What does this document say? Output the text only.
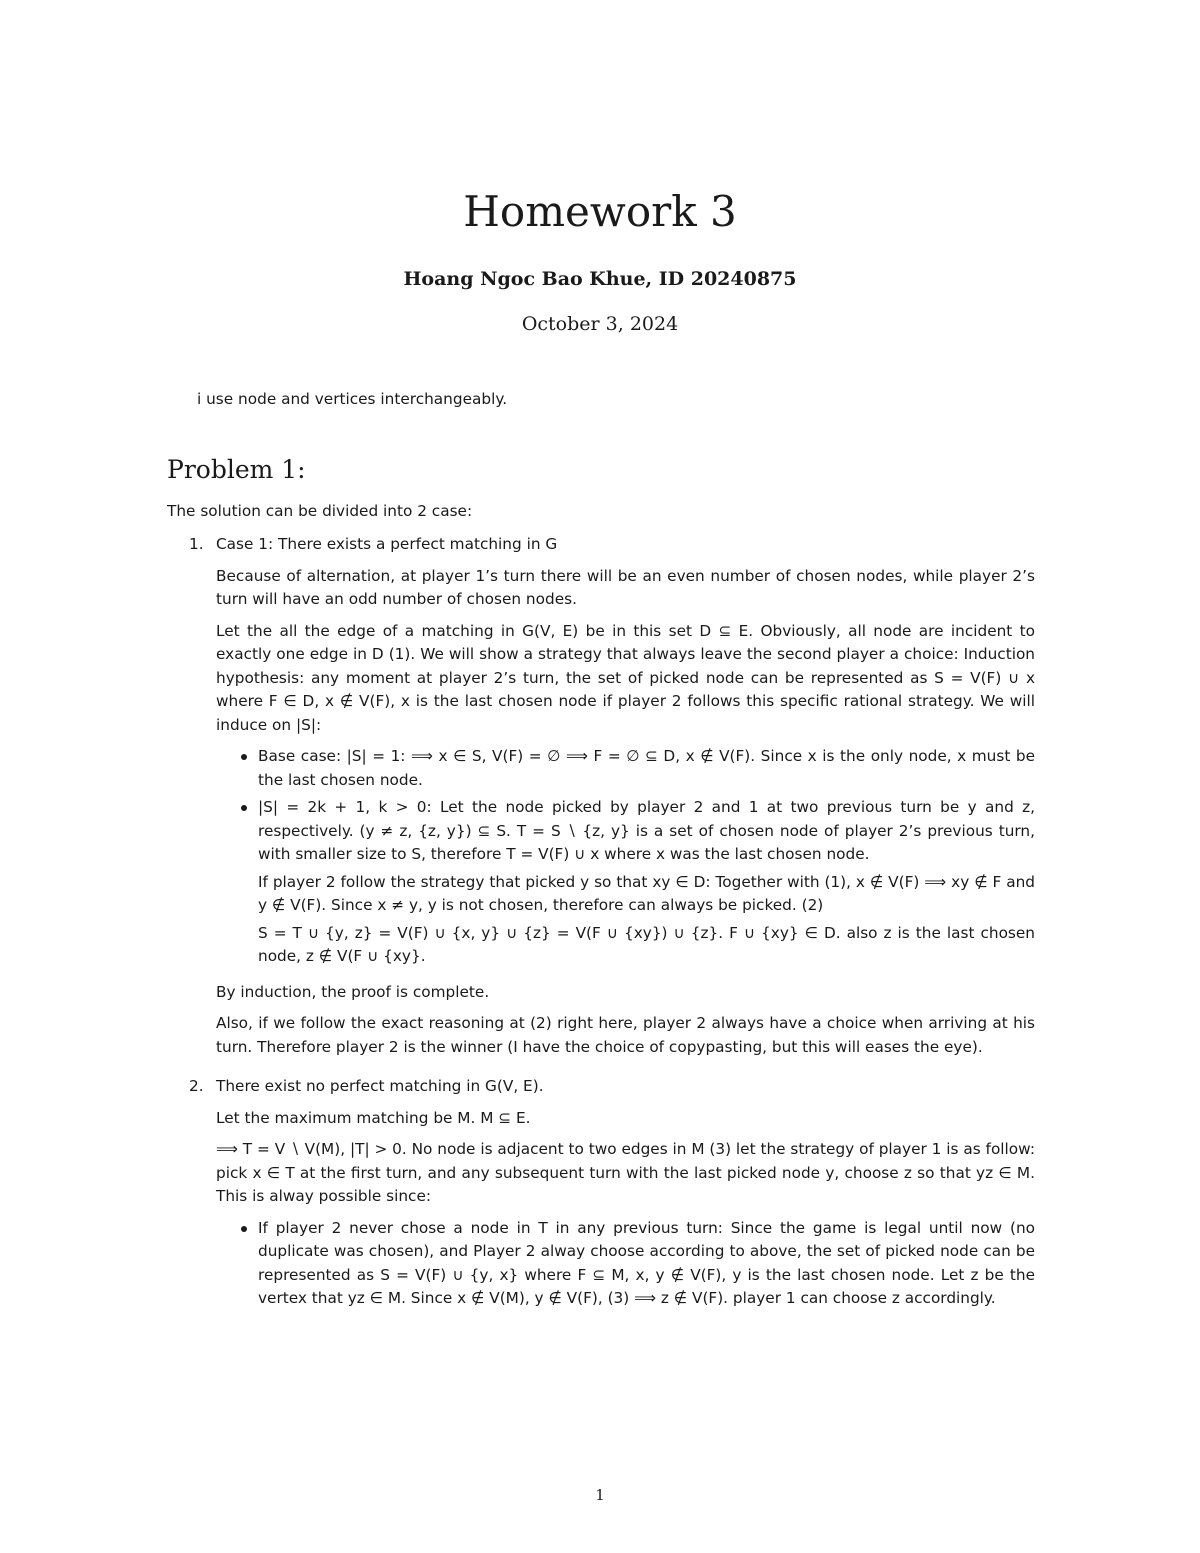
Homework 3
Hoang Ngoc Bao Khue, ID 20240875
October 3, 2024

i use node and vertices interchangeably.

Problem 1:

The solution can be divided into 2 case:

1. Case 1: There exists a perfect matching in G

Because of alternation, at player 1’s turn there will be an even number of chosen nodes, while player 2’s turn will have an odd number of chosen nodes.

Let the all the edge of a matching in G(V, E) be in this set D ⊆ E. Obviously, all node are incident to exactly one edge in D (1). We will show a strategy that always leave the second player a choice: Induction hypothesis: any moment at player 2’s turn, the set of picked node can be represented as S = V(F) ∪ x where F ∈ D, x ∉ V(F), x is the last chosen node if player 2 follows this specific rational strategy. We will induce on |S|:

Base case: |S| = 1: ⟹ x ∈ S, V(F) = ∅ ⟹ F = ∅ ⊆ D, x ∉ V(F). Since x is the only node, x must be the last chosen node.

|S| = 2k + 1, k > 0: Let the node picked by player 2 and 1 at two previous turn be y and z, respectively. (y ≠ z, {z, y}) ⊆ S. T = S ∖ {z, y} is a set of chosen node of player 2’s previous turn, with smaller size to S, therefore T = V(F) ∪ x where x was the last chosen node.

If player 2 follow the strategy that picked y so that xy ∈ D: Together with (1), x ∉ V(F) ⟹ xy ∉ F and y ∉ V(F). Since x ≠ y, y is not chosen, therefore can always be picked. (2)

S = T ∪ {y, z} = V(F) ∪ {x, y} ∪ {z} = V(F ∪ {xy}) ∪ {z}. F ∪ {xy} ∈ D. also z is the last chosen node, z ∉ V(F ∪ {xy}.

By induction, the proof is complete.

Also, if we follow the exact reasoning at (2) right here, player 2 always have a choice when arriving at his turn. Therefore player 2 is the winner (I have the choice of copypasting, but this will eases the eye).

2. There exist no perfect matching in G(V, E).

Let the maximum matching be M. M ⊆ E.

⟹ T = V ∖ V(M), |T| > 0. No node is adjacent to two edges in M (3) let the strategy of player 1 is as follow: pick x ∈ T at the first turn, and any subsequent turn with the last picked node y, choose z so that yz ∈ M. This is alway possible since:

If player 2 never chose a node in T in any previous turn: Since the game is legal until now (no duplicate was chosen), and Player 2 alway choose according to above, the set of picked node can be represented as S = V(F) ∪ {y, x} where F ⊆ M, x, y ∉ V(F), y is the last chosen node. Let z be the vertex that yz ∈ M. Since x ∉ V(M), y ∉ V(F), (3) ⟹ z ∉ V(F). player 1 can choose z accordingly.

1
